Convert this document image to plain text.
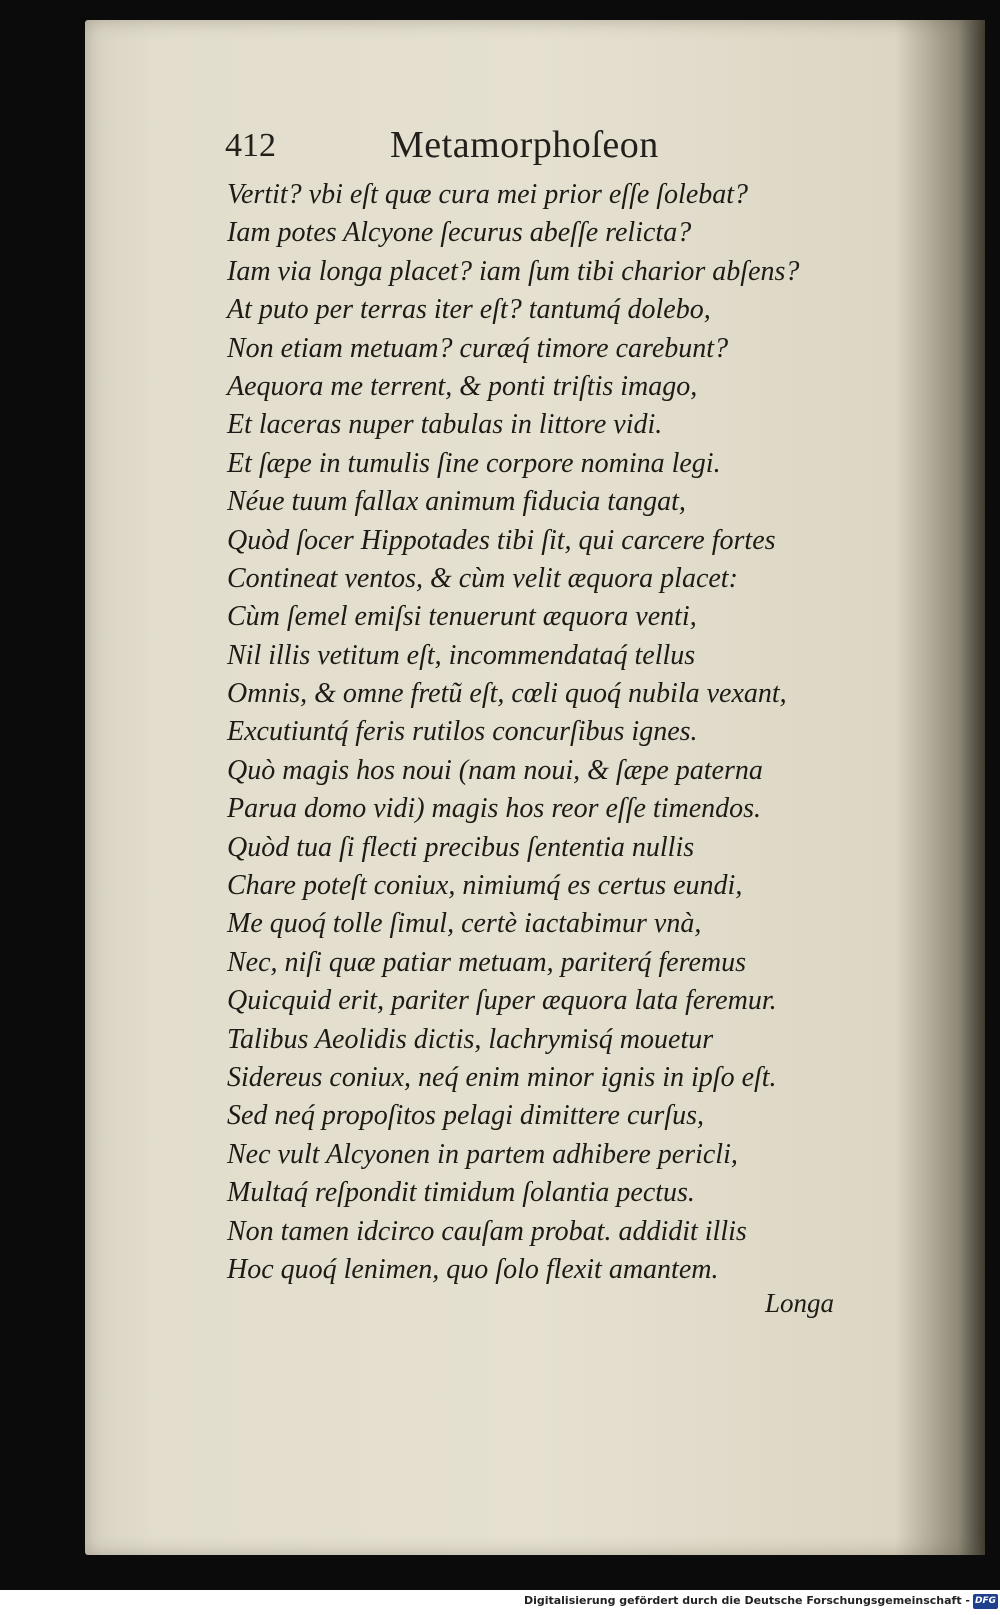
412	Metamorphoſeon
Vertit? vbi eſt quæ cura mei prior eſſe ſolebat?
Iam potes Alcyone ſecurus abeſſe relicta?
Iam via longa placet? iam ſum tibi charior abſens?
At puto per terras iter eſt? tantumq́ dolebo,
Non etiam metuam? curæq́ timore carebunt?
Aequora me terrent, & ponti triſtis imago,
Et laceras nuper tabulas in littore vidi.
Et ſæpe in tumulis ſine corpore nomina legi.
Néue tuum fallax animum fiducia tangat,
Quòd ſocer Hippotades tibi ſit, qui carcere fortes
Contineat ventos, & cùm velit æquora placet:
Cùm ſemel emiſsi tenuerunt æquora venti,
Nil illis vetitum eſt, incommendataq́ tellus
Omnis, & omne fretũ eſt, cœli quoq́ nubila vexant,
Excutiuntq́ feris rutilos concurſibus ignes.
Quò magis hos noui (nam noui, & ſæpe paterna
Parua domo vidi) magis hos reor eſſe timendos.
Quòd tua ſi flecti precibus ſententia nullis
Chare poteſt coniux, nimiumq́ es certus eundi,
Me quoq́ tolle ſimul, certè iactabimur vnà,
Nec, niſi quæ patiar metuam, pariterq́ feremus
Quicquid erit, pariter ſuper æquora lata feremur.
Talibus Aeolidis dictis, lachrymisq́ mouetur
Sidereus coniux, neq́ enim minor ignis in ipſo eſt.
Sed neq́ propoſitos pelagi dimittere curſus,
Nec vult Alcyonen in partem adhibere pericli,
Multaq́ reſpondit timidum ſolantia pectus.
Non tamen idcirco cauſam probat. addidit illis
Hoc quoq́ lenimen, quo ſolo flexit amantem.
Longa
Digitalisierung gefördert durch die Deutsche Forschungsgemeinschaft - DFG
